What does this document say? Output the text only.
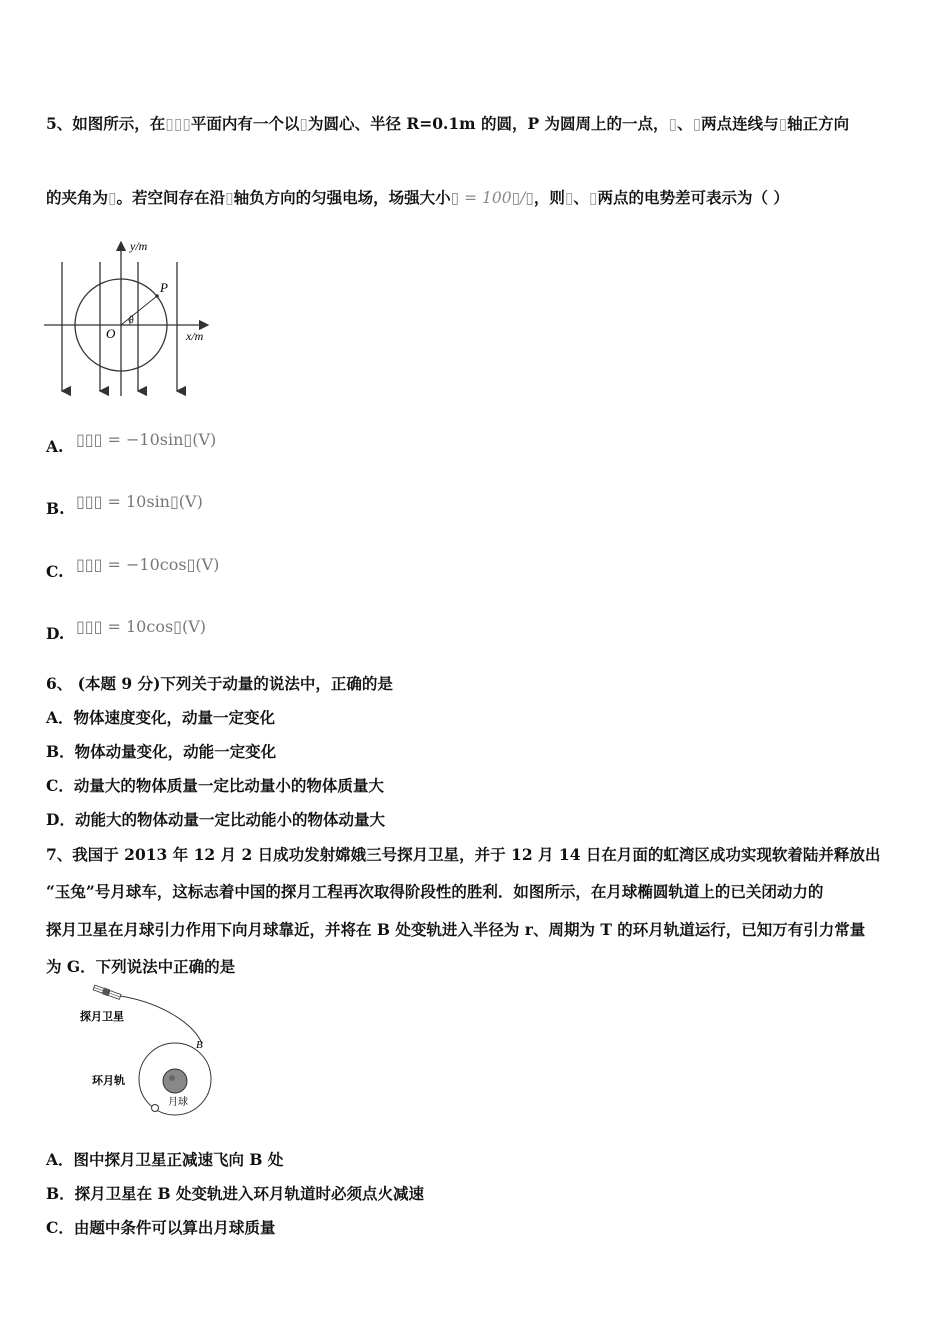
5、如图所示，在▯▯▯平面内有一个以▯为圆心、半径 R=0.1m 的圆，P 为圆周上的一点，▯、▯两点连线与▯轴正方向
的夹角为▯。若空间存在沿▯轴负方向的匀强电场，场强大小▯ = 100▯/▯，则▯、▯两点的电势差可表示为（ ）
y/m
x/m
O
P
θ
A. ▯▯▯ = −10sin▯(V)
B. ▯▯▯ = 10sin▯(V)
C. ▯▯▯ = −10cos▯(V)
D. ▯▯▯ = 10cos▯(V)
6、 (本题 9 分)下列关于动量的说法中，正确的是
A．物体速度变化，动量一定变化
B．物体动量变化，动能一定变化
C．动量大的物体质量一定比动量小的物体质量大
D．动能大的物体动量一定比动能小的物体动量大
7、我国于 2013 年 12 月 2 日成功发射嫦娥三号探月卫星，并于 12 月 14 日在月面的虹湾区成功实现软着陆并释放出
“玉兔”号月球车，这标志着中国的探月工程再次取得阶段性的胜利．如图所示，在月球椭圆轨道上的已关闭动力的
探月卫星在月球引力作用下向月球靠近，并将在 B 处变轨进入半径为 r、周期为 T 的环月轨道运行，已知万有引力常量
为 G．下列说法中正确的是
探月卫星
环月轨
月球
B
A．图中探月卫星正减速飞向 B 处
B．探月卫星在 B 处变轨进入环月轨道时必须点火减速
C．由题中条件可以算出月球质量
